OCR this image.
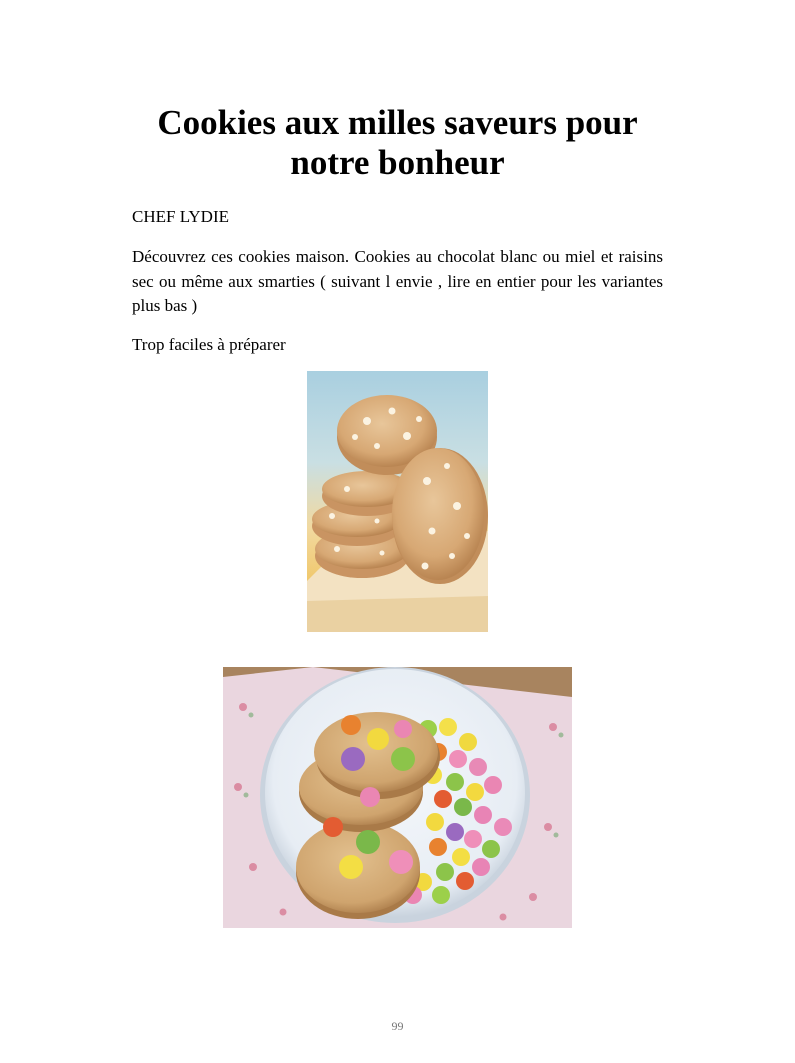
Cookies aux milles saveurs pour
notre bonheur

CHEF LYDIE

Découvrez ces cookies maison. Cookies au chocolat blanc ou miel et raisins sec ou même aux smarties ( suivant l envie , lire en entier pour les variantes plus bas )

Trop faciles à préparer

99
